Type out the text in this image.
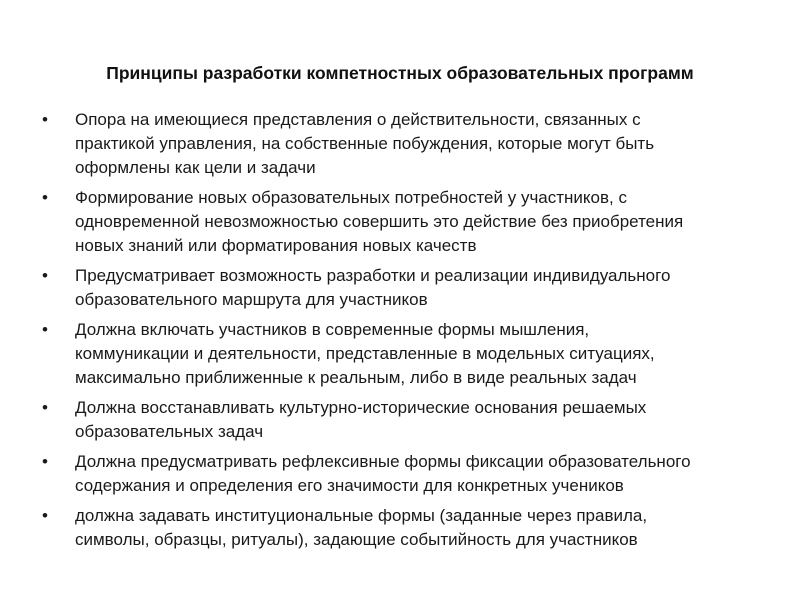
Принципы разработки компетностных образовательных программ
•	Опора на имеющиеся представления о действительности, связанных с
практикой управления, на собственные побуждения, которые могут быть
оформлены как цели и задачи
•	Формирование новых образовательных потребностей у участников, с
одновременной невозможностью совершить это действие без приобретения
новых знаний или форматирования новых качеств
•	Предусматривает возможность разработки и реализации индивидуального
образовательного маршрута для участников
•	Должна включать участников в современные формы мышления,
коммуникации и деятельности, представленные в модельных ситуациях,
максимально приближенные к реальным, либо в виде реальных задач
•	Должна восстанавливать культурно-исторические основания решаемых
образовательных задач
•	Должна предусматривать рефлексивные формы фиксации образовательного
содержания и определения его значимости для конкретных учеников
•	должна задавать институциональные формы (заданные через правила,
символы, образцы, ритуалы), задающие событийность для участников
